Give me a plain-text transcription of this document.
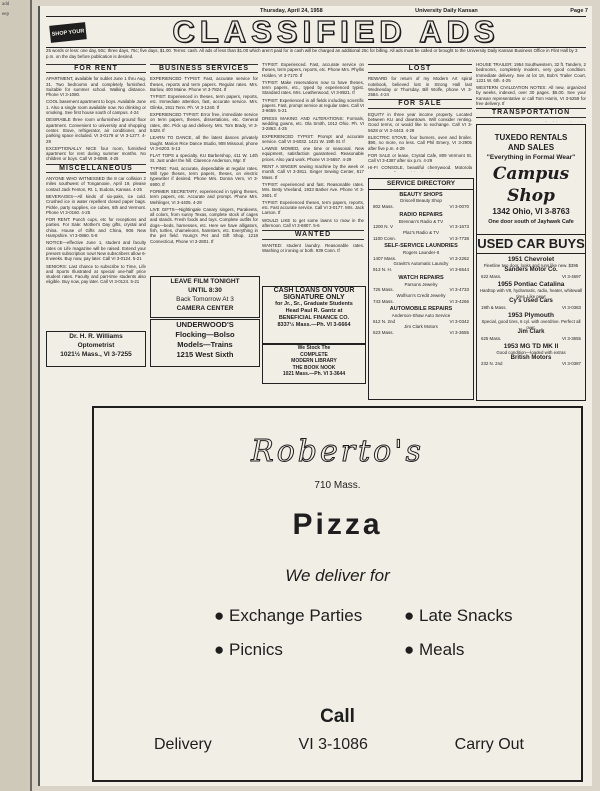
add
eep
Thursday, April 24, 1958	University Daily Kansan	Page 7
SHOP YOUR	CLASSIFIED ADS
25 words or less: one day, 50c; three days, 75c; five days, $1.00. Terms: cash. All ads of less than $1.00 which aren't paid for in cash will be charged an additional 25c for billing. All ads must be called or brought to the University Daily Kansan Business Office in Flint Hall by 3 p.m. on the day before publication is desired.
FOR RENT

APARTMENT, available for sublet June 1 thru Aug. 31. Two bedrooms and completely furnished. Suitable for summer school. Walking distance. Phone VI 3-1080.

COOL basement apartment to boys. Available June 1. Also a single room available now. No drinking or smoking. See first house south of campus. 4-24

DESIRABLE three room unfurnished ground floor apartment. Convenient to university and shopping center. Stove, refrigerator, air conditioner, and parking space included. VI 3-0179 or VI 3-1277. 4-29

EXCEPTIONALLY NICE four room, furnished apartment for rent during summer months. No children or boys. Call VI 3-6088. 4-25

MISCELLANEOUS

ANYONE WHO WITNESSED the 8 car collision 2 miles southwest of Tonganoxie, April 19, please contact Jack Fenton, Rt. 1, Eudora, Kansas. 4-25

BEVERAGES—All kinds of six-paks, ice cold. Crushed ice in water repellent closed paper bags. Pickle, party supplies, ice cubes, 6th and Vermont. Phone VI 3-0160. 4-25

FOR RENT: Punch cups, etc for receptions and parties. For Sale: Mother's Day gifts, crystal and china. House of Gifts and China, 906 New Hampshire. VI 3-0860. 5-8

NOTICE—effective June 1, student and faculty rates on Life magazine will be raised. Extend your present subscription now! New subscribers allow 6-8 weeks. Buy now, pay later. Call VI 3-0124. 5-21

SENIORS: Last chance to subscribe to Time, Life and Sports Illustrated at special one-half price student rates. Faculty and part-time students also eligible. Buy now, pay later. Call VI 3-0124. 5-21

Dr. H. R. Williams
Optometrist
1021½ Mass., VI 3-7255
BUSINESS SERVICES

EXPERIENCED TYPIST: Fast, accurate service for theses, reports and term papers. Regular rates. Mrs. Barlow, 400 Maine. Phone VI 3-7824. tf

TYPIST: Experienced in theses, term papers, reports, etc. Immediate attention, fast, accurate service. Mrs. Glinka, 1911 Tenn. Ph. VI 3-1240. tf

EXPERIENCED TYPIST: Error free, immediate service on term papers, theses, dissertations, etc. General rates, 40c. Pick up and delivery. Mrs. Tom Brady, VI 3-5428. tf

LEARN TO DANCE, all the latest dances privately taught. Marion Rice Dance Studio, 908 Missouri, phone VI 3-6203. 5-13

FLAT TOPS a specialty. KU Barbershop, 411 W. 14th St. Just under the hill. Clarence Anderson, Mgr. tf

TYPING: Fast, accurate, dependable at regular rates. Will type theses, term papers, theses, on electric typewriter if desired. Phone Mrs. Donna Vern, VI 3-6900. tf

FORMER SECRETARY, experienced in typing theses, term papers, etc. Accurate and prompt. Phone Mrs. Mehlinger, VI 3-4405. 4-29

LIVE GIFTS—Nightingale Canary singers, Parakeets, all colors, from sunny Texas, complete stock of cages and stands. Fresh foods and toys. Complete outfits for dogs—beds, harnesses, etc. Here we have alligators, fish, turtles, chameleons, hamsters, etc. Everything in the pet field. Young's Pet and Gift Shop, 1218 Connecticut, Phone VI 3-2801. tf

LEAVE FILM TONIGHT
UNTIL 8:30
Back Tomorrow At 3
CAMERA CENTER
UNDERWOOD'S
Flocking—Bolso
Models—Trains
1215 West Sixth

TYPIST: Experienced. Fast, accurate service on theses, term papers, reports, etc. Phone Mrs. Phyllis Holden, VI 3-7170. tf

TYPIST: Make reservations now to have theses, term papers, etc., typed by experienced typist. Standard rates. Mrs. Leatherwood, VI 3-8921. tf

TYPIST: Experienced in all fields including scientific papers. Fast, prompt service at regular rates. Call VI 3-6659. 5-21

DRESS MAKING AND ALTERATIONS: Formals, wedding gowns, etc. Ola Smith, 1012 Ohio. Ph. VI 3-2863. 4-25

EXPERIENCED TYPIST: Prompt and accurate service. Call VI 3-6032. 1421 W. 19th St. tf

LAWNS MOWED, one time or seasonal. New equipment, satisfaction guaranteed. Reasonable prices. Also yard work. Phone VI 3-5657. 4-29

RENT A SINGER sewing machine by the week or month. Call VI 3-3811. Singer Sewing Center, 817 Mass. tf

TYPIST: experienced and fast. Reasonable rates. Mrs. Betty Vreeland, 1933 Barker Ave. Phone VI 3-2601. tf

TYPIST: Experienced theses, term papers, reports, etc. Fast accurate service. Call VI 3-0177. Mrs. Jack Larson. tf

WOULD LIKE to get some lawns to mow in the afternoon. Call VI 3-6807. 5-6

WANTED

WANTED: student laundry. Reasonable rates. Washing or ironing or both. 939 Conn. tf

CASH LOANS ON YOUR
SIGNATURE ONLY
for Jr., Sr., Graduate Students
Head Paul R. Gantz at
BENEFICIAL FINANCE CO.
8337½ Mass.—Ph. VI 3-6664
We Stock The
COMPLETE
MODERN LIBRARY
THE BOOK NOOK
1021 Mass.—Ph. VI 3-3644
LOST

REWARD for return of my Modern Art spiral notebook, believed lost in Strong Hall last Wednesday or Thursday. Bill Wolfe, phone VI 3-2584. 4-24

FOR SALE

EQUITY in three year income property. Located between KU and downtown. Will consider renting. Good terms, or would like to exchange. Call VI 3-5628 or VI 3-4443. 4-28

ELECTRIC STOVE, four burners, oven and broiler. $90, no more, no less. Call Phil Emery, VI 3-2905 after five p.m. 4-29

FOR SALE or lease, Crystal Cafe, 809 Vermont St. Call VI 3-4387 after six p.m. 4-29

HI-FI CONSOLE, beautiful cherrywood. Motorola

SERVICE DIRECTORY
BEAUTY SHOPS
Driscell Beauty Shop
802 Mass.	VI 3-0070
RADIO REPAIRS
Brennan's Radio & TV
1200 N. V	VI 3-1673
Plaz's Radio & TV
1100 Conn.	VI 3-7738
SELF-SERVICE LAUNDRIES
Rogers Launder-It
1407 Mass.	VI 3-2262
Gravitt's Automatic Laundry
913 N. H.	VI 3-6544
WATCH REPAIRS
Parsons Jewelry
725 Mass.	VI 3-4733
Wolfson's Credit Jewelry
743 Mass.	VI 3-4266
AUTOMOBILE REPAIRS
Anderson-Shaw Auto Service
612 N. 2nd	VI 3-0342
Jim Clark Motors
623 Mass.	VI 3-3655

HOUSE TRAILER: 1954 Southwestern, 32 ft. Tandem, 2 bedrooms, completely modern, very good condition. Immediate delivery. See at lot 18, Bob's Trailer Court, 1221 W. 6th. 4-25

WESTERN CIVILIZATION NOTES: All new, organized by weeks, indexed, over 30 pages. $5.00. See your Kansan representative or call Tom Harris, VI 3-5259 for free delivery. tf

TRANSPORTATION

TUXEDO RENTALS
AND SALES
"Everything in Formal Wear"
Campus Shop
1342 Ohio, VI 3-8763
One door south of Jayhawk Cafe
USED CAR BUYS
1951 Chevrolet
Fleetline two door, looks and runs like new. $395
Sanders Motor Co.
622 Mass.	VI 3-4697
1955 Pontiac Catalina
Hardtop with V8, hydramatic, radio, heater, whitewall tires. Like new!
Cy's Used Cars
19th & Mass.	VI 3-0383
1953 Plymouth
Special, good tires, 6 cyl. with overdrive. Perfect all over.
Jim Clark
625 Mass.	VI 3-3655
1953 MG TD MK II
Good condition—loaded with extras
British Motors
232 N. 2nd	VI 3-0387
Roberto's
710 Mass.
Pizza
We deliver for
● Exchange Parties	● Late Snacks
● Picnics	● Meals
Call
Delivery	VI 3-1086	Carry Out
